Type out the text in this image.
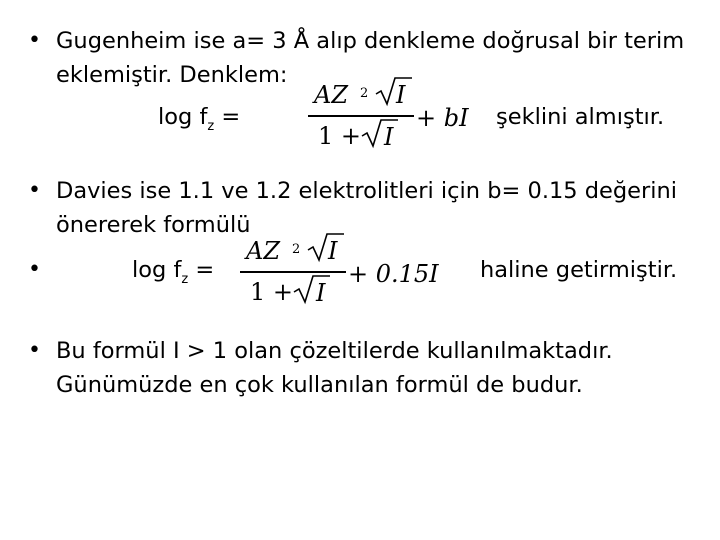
• Gugenheim ise a= 3 Å alıp denkleme doğrusal bir terim
eklemiştir. Denklem:
$\log f_z$ =
AZ 2 I
1 + I
+ bI şeklini almıştır.
• Davies ise 1.1 ve 1.2 elektrolitleri için b= 0.15 değerini
önererek formülü
•	$\log f_z$ =
AZ 2 I
1 + I
+ 0.15I haline getirmiştir.
• Bu formül I > 1 olan çözeltilerde kullanılmaktadır.
Günümüzde en çok kullanılan formül de budur.
